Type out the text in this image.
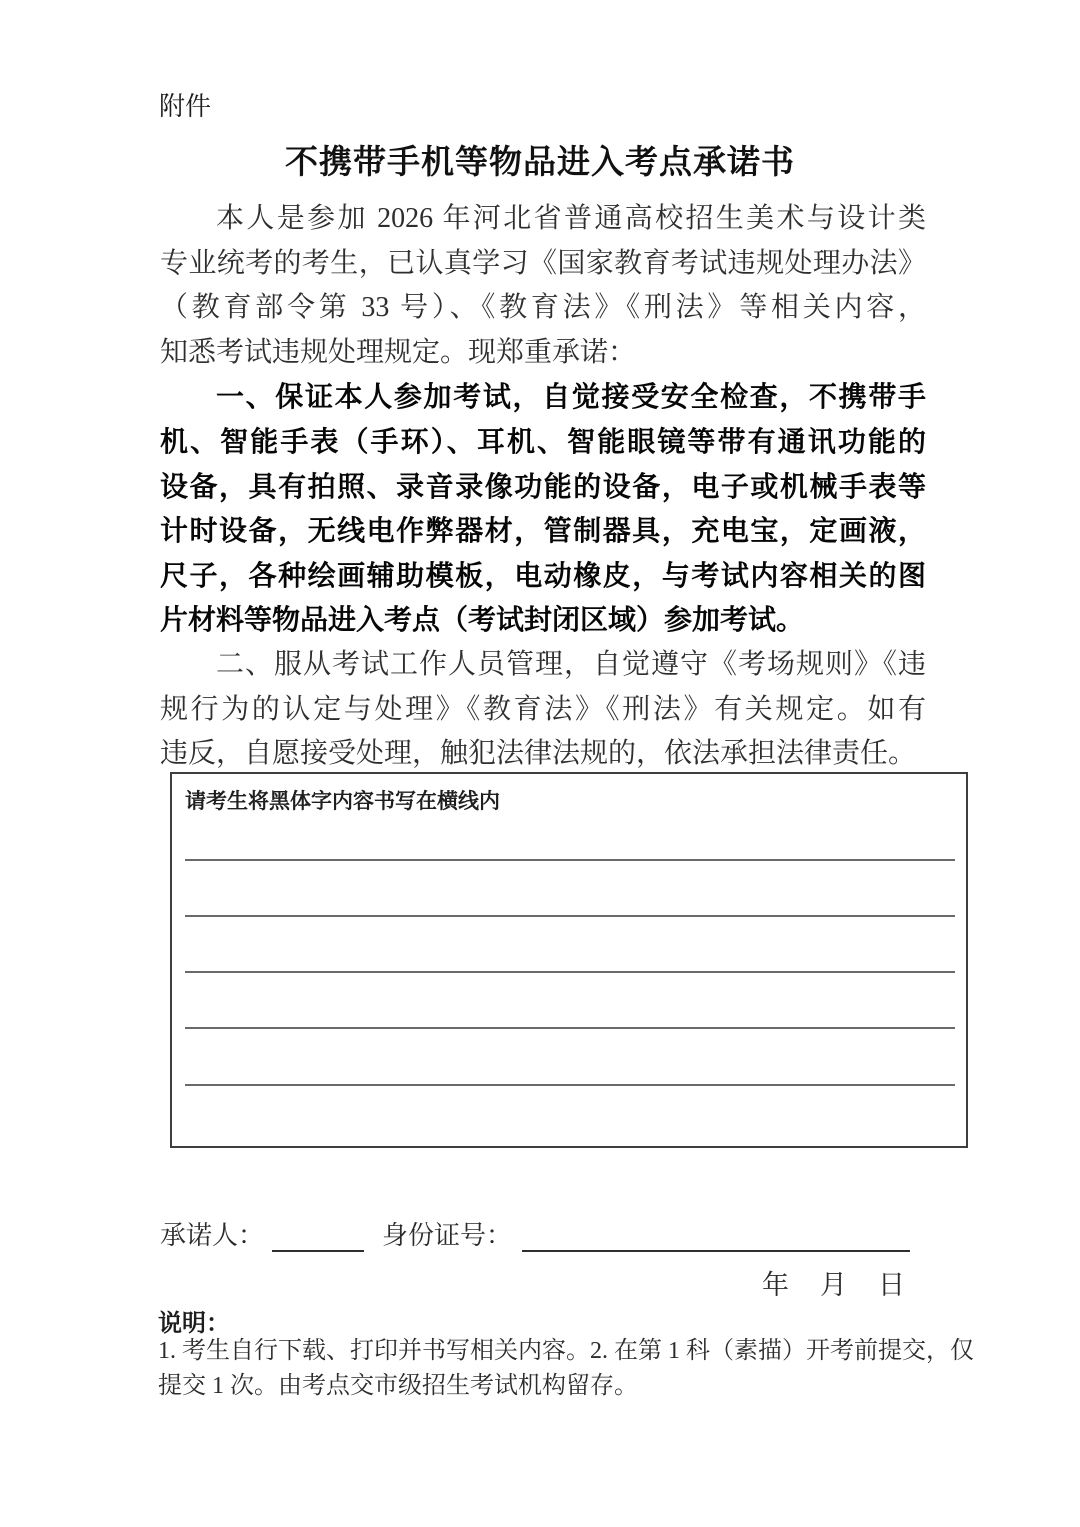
附件
不携带手机等物品进入考点承诺书
本人是参加 2026 年河北省普通高校招生美术与设计类
专业统考的考生，已认真学习《国家教育考试违规处理办法》
（教育部令第 33 号）、《教育法》《刑法》等相关内容，
知悉考试违规处理规定。现郑重承诺：
一、保证本人参加考试，自觉接受安全检查，不携带手
机、智能手表（手环）、耳机、智能眼镜等带有通讯功能的
设备，具有拍照、录音录像功能的设备，电子或机械手表等
计时设备，无线电作弊器材，管制器具，充电宝，定画液，
尺子，各种绘画辅助模板，电动橡皮，与考试内容相关的图
片材料等物品进入考点（考试封闭区域）参加考试。
二、服从考试工作人员管理，自觉遵守《考场规则》《违
规行为的认定与处理》《教育法》《刑法》有关规定。如有
违反，自愿接受处理，触犯法律法规的，依法承担法律责任。
请考生将黑体字内容书写在横线内
承诺人：	身份证号：
年　月　日
说明：
1. 考生自行下载、打印并书写相关内容。2. 在第 1 科（素描）开考前提交，仅
提交 1 次。由考点交市级招生考试机构留存。
